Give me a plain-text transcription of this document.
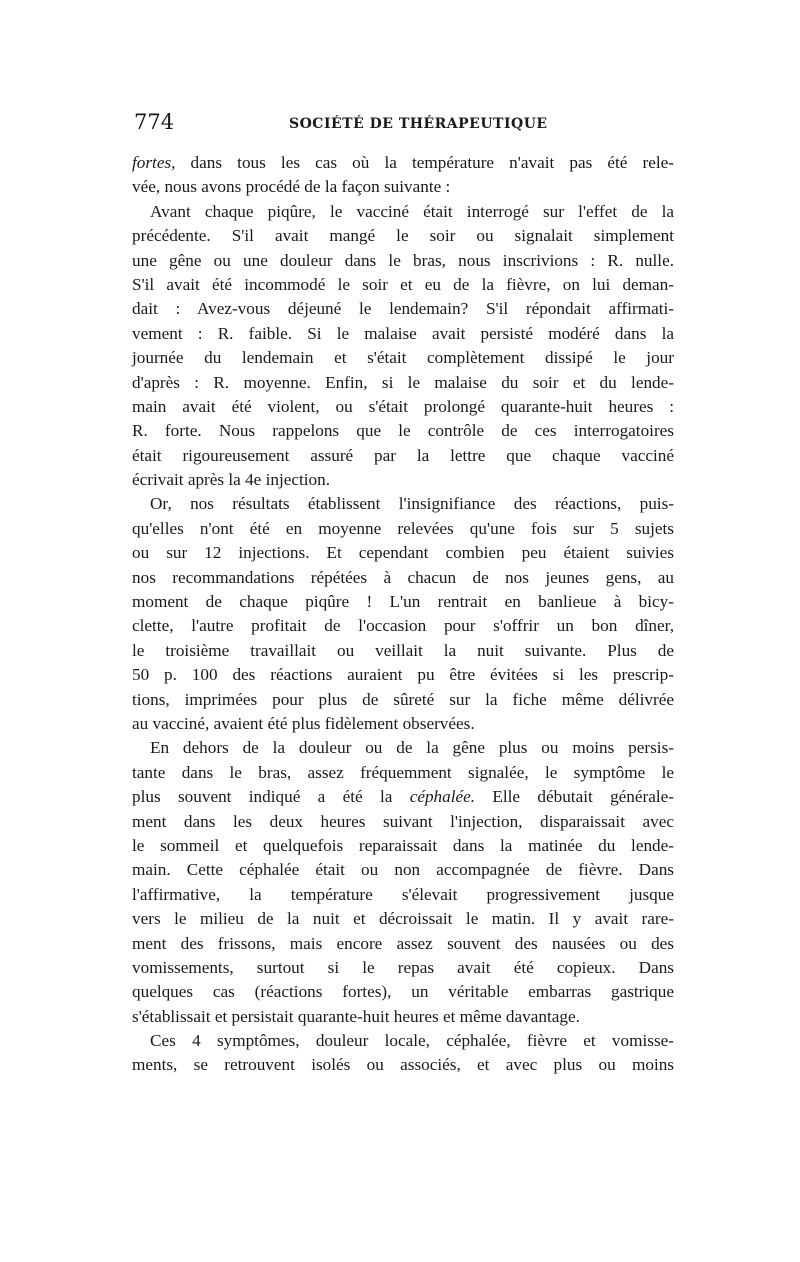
774	SOCIÉTÉ DE THÉRAPEUTIQUE
fortes, dans tous les cas où la température n'avait pas été rele-
vée, nous avons procédé de la façon suivante :
Avant chaque piqûre, le vacciné était interrogé sur l'effet de la
précédente. S'il avait mangé le soir ou signalait simplement
une gêne ou une douleur dans le bras, nous inscrivions : R. nulle.
S'il avait été incommodé le soir et eu de la fièvre, on lui deman-
dait : Avez-vous déjeuné le lendemain? S'il répondait affirmati-
vement : R. faible. Si le malaise avait persisté modéré dans la
journée du lendemain et s'était complètement dissipé le jour
d'après : R. moyenne. Enfin, si le malaise du soir et du lende-
main avait été violent, ou s'était prolongé quarante-huit heures :
R. forte. Nous rappelons que le contrôle de ces interrogatoires
était rigoureusement assuré par la lettre que chaque vacciné
écrivait après la 4e injection.
Or, nos résultats établissent l'insignifiance des réactions, puis-
qu'elles n'ont été en moyenne relevées qu'une fois sur 5 sujets
ou sur 12 injections. Et cependant combien peu étaient suivies
nos recommandations répétées à chacun de nos jeunes gens, au
moment de chaque piqûre ! L'un rentrait en banlieue à bicy-
clette, l'autre profitait de l'occasion pour s'offrir un bon dîner,
le troisième travaillait ou veillait la nuit suivante. Plus de
50 p. 100 des réactions auraient pu être évitées si les prescrip-
tions, imprimées pour plus de sûreté sur la fiche même délivrée
au vacciné, avaient été plus fidèlement observées.
En dehors de la douleur ou de la gêne plus ou moins persis-
tante dans le bras, assez fréquemment signalée, le symptôme le
plus souvent indiqué a été la céphalée. Elle débutait générale-
ment dans les deux heures suivant l'injection, disparaissait avec
le sommeil et quelquefois reparaissait dans la matinée du lende-
main. Cette céphalée était ou non accompagnée de fièvre. Dans
l'affirmative, la température s'élevait progressivement jusque
vers le milieu de la nuit et décroissait le matin. Il y avait rare-
ment des frissons, mais encore assez souvent des nausées ou des
vomissements, surtout si le repas avait été copieux. Dans
quelques cas (réactions fortes), un véritable embarras gastrique
s'établissait et persistait quarante-huit heures et même davantage.
Ces 4 symptômes, douleur locale, céphalée, fièvre et vomisse-
ments, se retrouvent isolés ou associés, et avec plus ou moins
